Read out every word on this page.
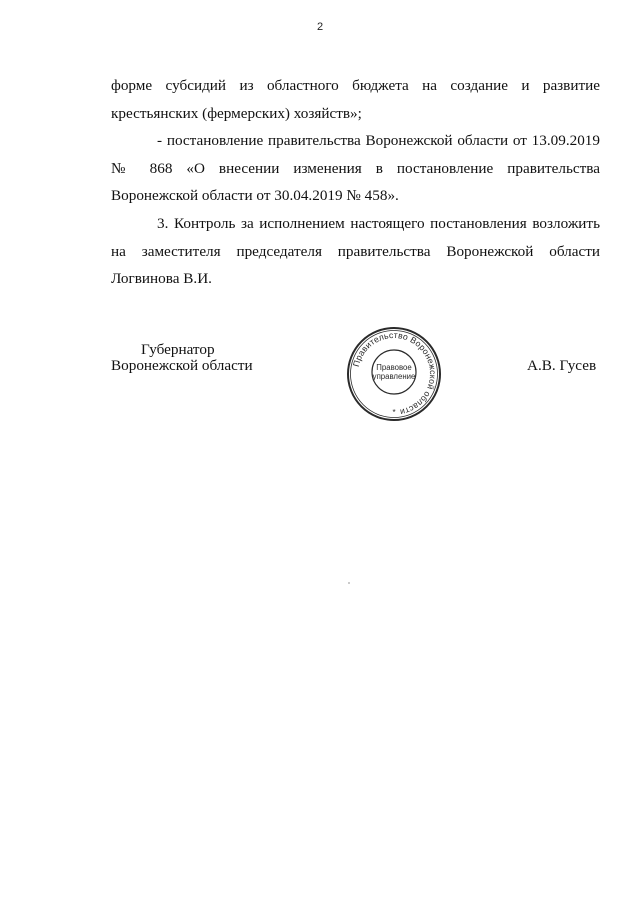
2

форме субсидий из областного бюджета на создание и развитие крестьянских (фермерских) хозяйств»;

- постановление правительства Воронежской области от 13.09.2019 № 868 «О внесении изменения в постановление правительства Воронежской области от 30.04.2019 № 458».

3. Контроль за исполнением настоящего постановления возложить на заместителя председателя правительства Воронежской области Логвинова В.И.

Губернатор
Воронежской области	Правительство Воронежской области
Правовое
управление
*
А.В. Гусев
